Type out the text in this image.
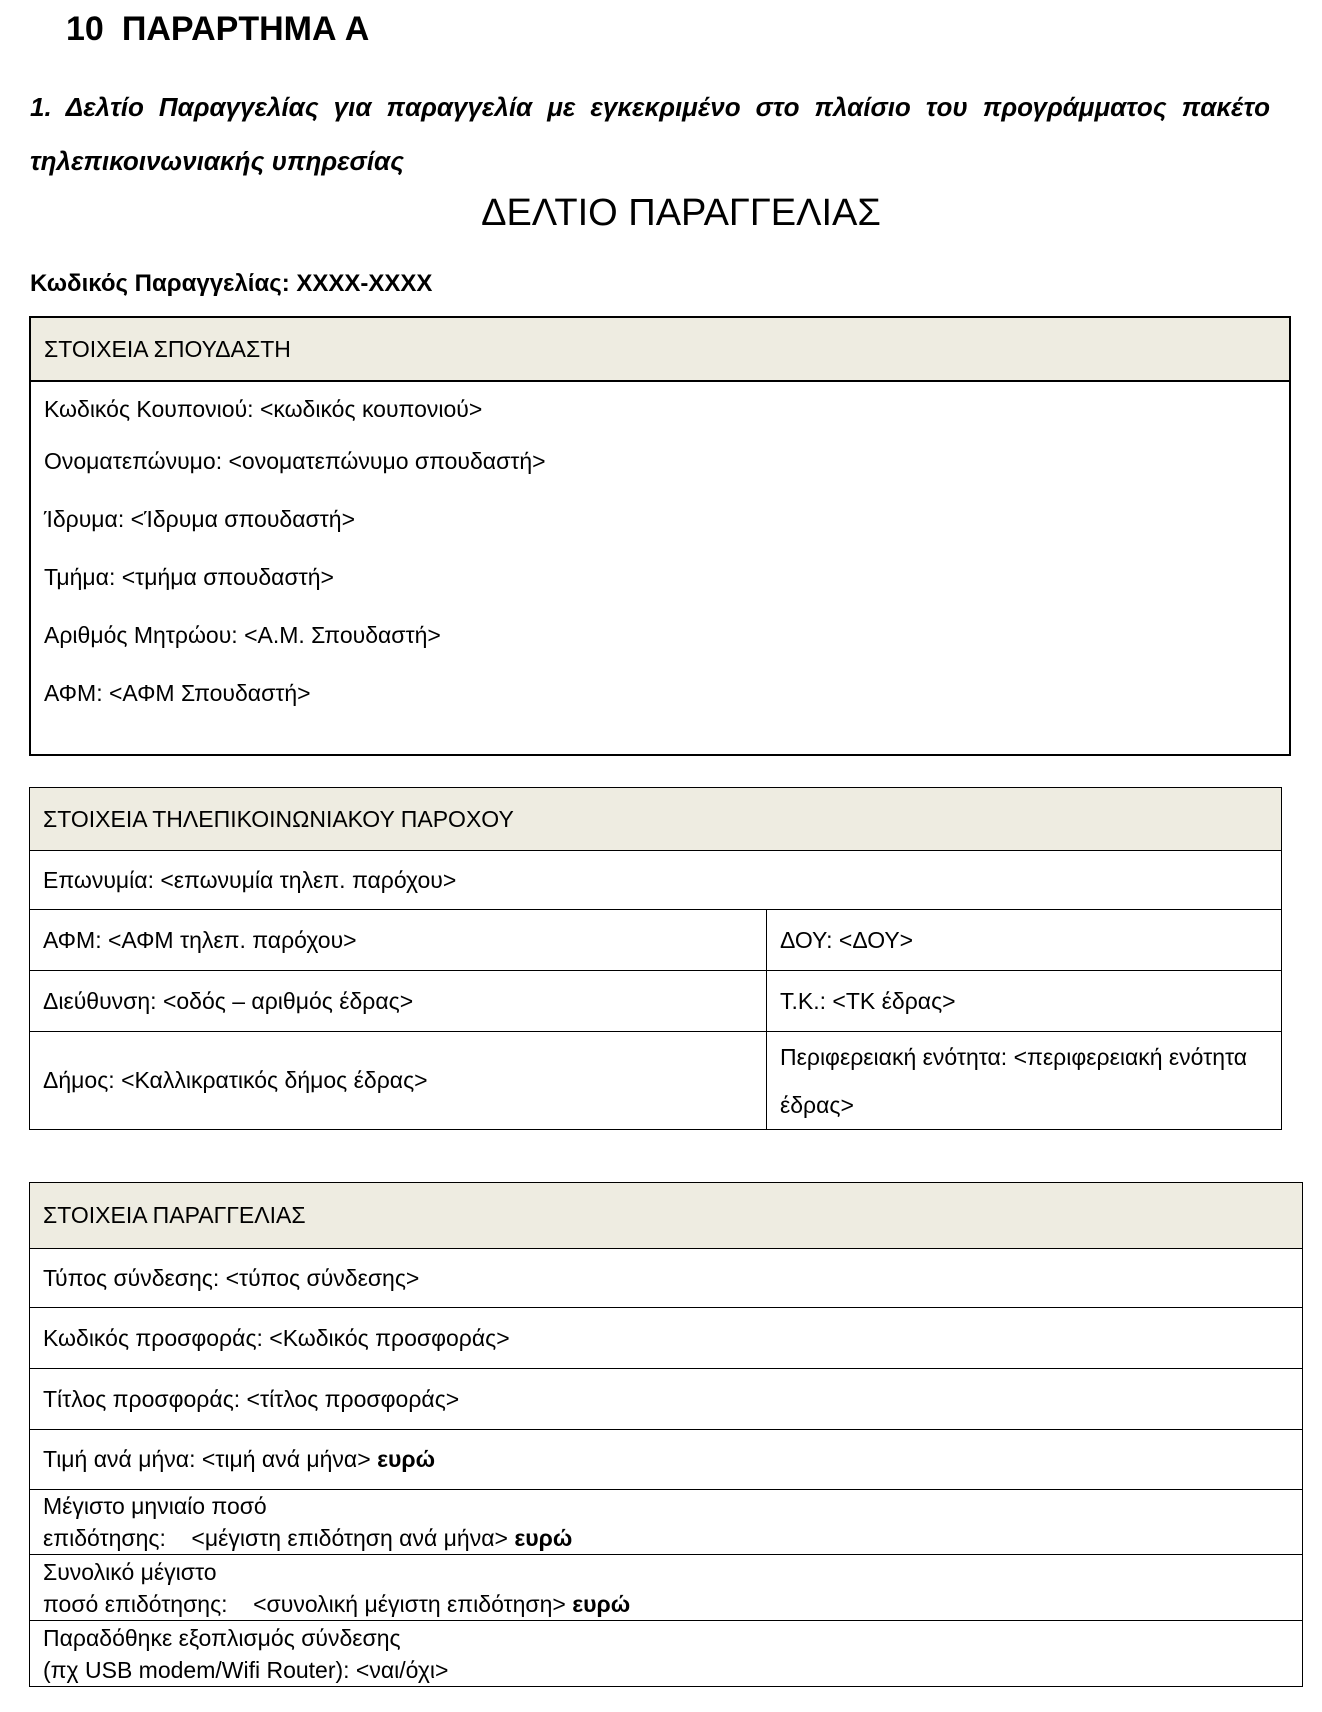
10 ΠΑΡΑΡΤΗΜΑ Α
1. Δελτίο Παραγγελίας για παραγγελία με εγκεκριμένο στο πλαίσιο του προγράμματος πακέτο τηλεπικοινωνιακής υπηρεσίας
ΔΕΛΤΙΟ ΠΑΡΑΓΓΕΛΙΑΣ
Κωδικός Παραγγελίας: XXXX-XXXX
ΣΤΟΙΧΕΙΑ ΣΠΟΥΔΑΣΤΗ

Κωδικός Κουπονιού: <κωδικός κουπονιού>
Ονοματεπώνυμο: <ονοματεπώνυμο σπουδαστή>
Ίδρυμα: <Ίδρυμα σπουδαστή>
Τμήμα: <τμήμα σπουδαστή>
Αριθμός Μητρώου: <Α.Μ. Σπουδαστή>
ΑΦΜ: <ΑΦΜ Σπουδαστή>
ΣΤΟΙΧΕΙΑ ΤΗΛΕΠΙΚΟΙΝΩΝΙΑΚΟΥ ΠΑΡΟΧΟΥ	
Επωνυμία: <επωνυμία τηλεπ. παρόχου>	
ΑΦΜ: <ΑΦΜ τηλεπ. παρόχου>	ΔΟΥ: <ΔΟΥ>
Διεύθυνση: <οδός – αριθμός έδρας>	Τ.Κ.: <ΤΚ έδρας>
Δήμος: <Καλλικρατικός δήμος έδρας>	Περιφερειακή ενότητα: <περιφερειακή ενότητα έδρας>
ΣΤΟΙΧΕΙΑ ΠΑΡΑΓΓΕΛΙΑΣ
Τύπος σύνδεσης: <τύπος σύνδεσης>
Κωδικός προσφοράς: <Κωδικός προσφοράς>
Τίτλος προσφοράς: <τίτλος προσφοράς>
Τιμή ανά μήνα: <τιμή ανά μήνα> ευρώ
Μέγιστο μηνιαίο ποσό
επιδότησης:    <μέγιστη επιδότηση ανά μήνα> ευρώ
Συνολικό μέγιστο
ποσό επιδότησης:    <συνολική μέγιστη επιδότηση> ευρώ
Παραδόθηκε εξοπλισμός σύνδεσης
(πχ USB modem/Wifi Router): <ναι/όχι>
